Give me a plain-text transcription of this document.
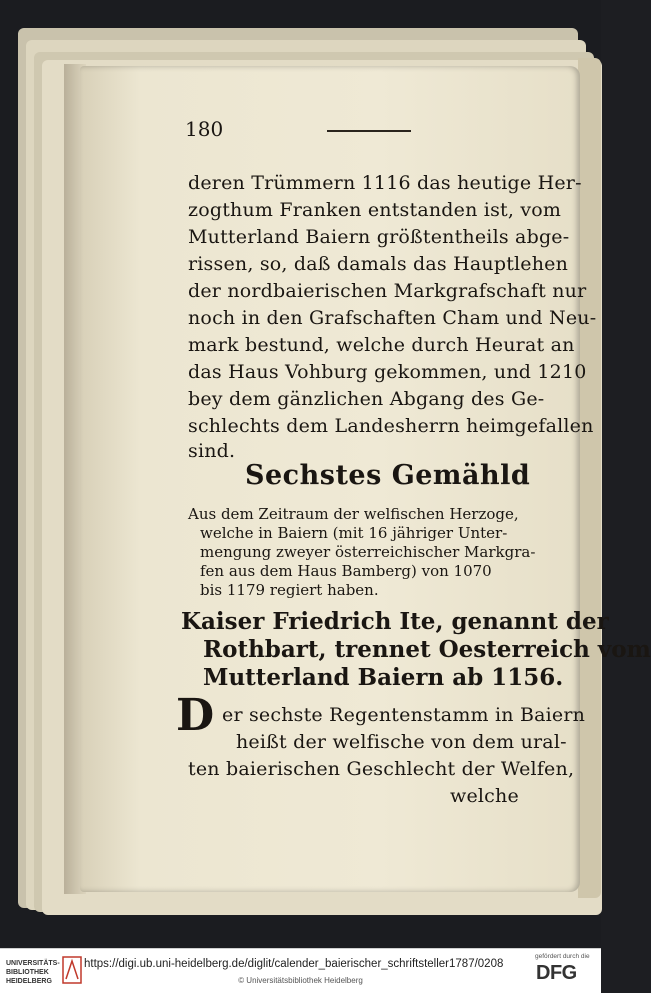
180
deren Trümmern 1116 das heutige Her-
zogthum Franken entstanden ist, vom
Mutterland Baiern größtentheils abge-
rissen, so, daß damals das Hauptlehen
der nordbaierischen Markgrafschaft nur
noch in den Grafschaften Cham und Neu-
mark bestund, welche durch Heurat an
das Haus Vohburg gekommen, und 1210
bey dem gänzlichen Abgang des Ge-
schlechts dem Landesherrn heimgefallen
sind.
Sechstes Gemähld
Aus dem Zeitraum der welfischen Herzoge,
welche in Baiern (mit 16 jähriger Unter-
mengung zweyer österreichischer Markgra-
fen aus dem Haus Bamberg) von 1070
bis 1179 regiert haben.
Kaiser Friedrich Ite, genannt der
Rothbart, trennet Oesterreich vom
Mutterland Baiern ab 1156.
D er sechste Regentenstamm in Baiern
heißt der welfische von dem ural-
ten baierischen Geschlecht der Welfen,
welche
UNIVERSITÄTS-
BIBLIOTHEK
HEIDELBERG
https://digi.ub.uni-heidelberg.de/diglit/calender_baierischer_schriftsteller1787/0208
© Universitätsbibliothek Heidelberg
gefördert durch die
DFG
